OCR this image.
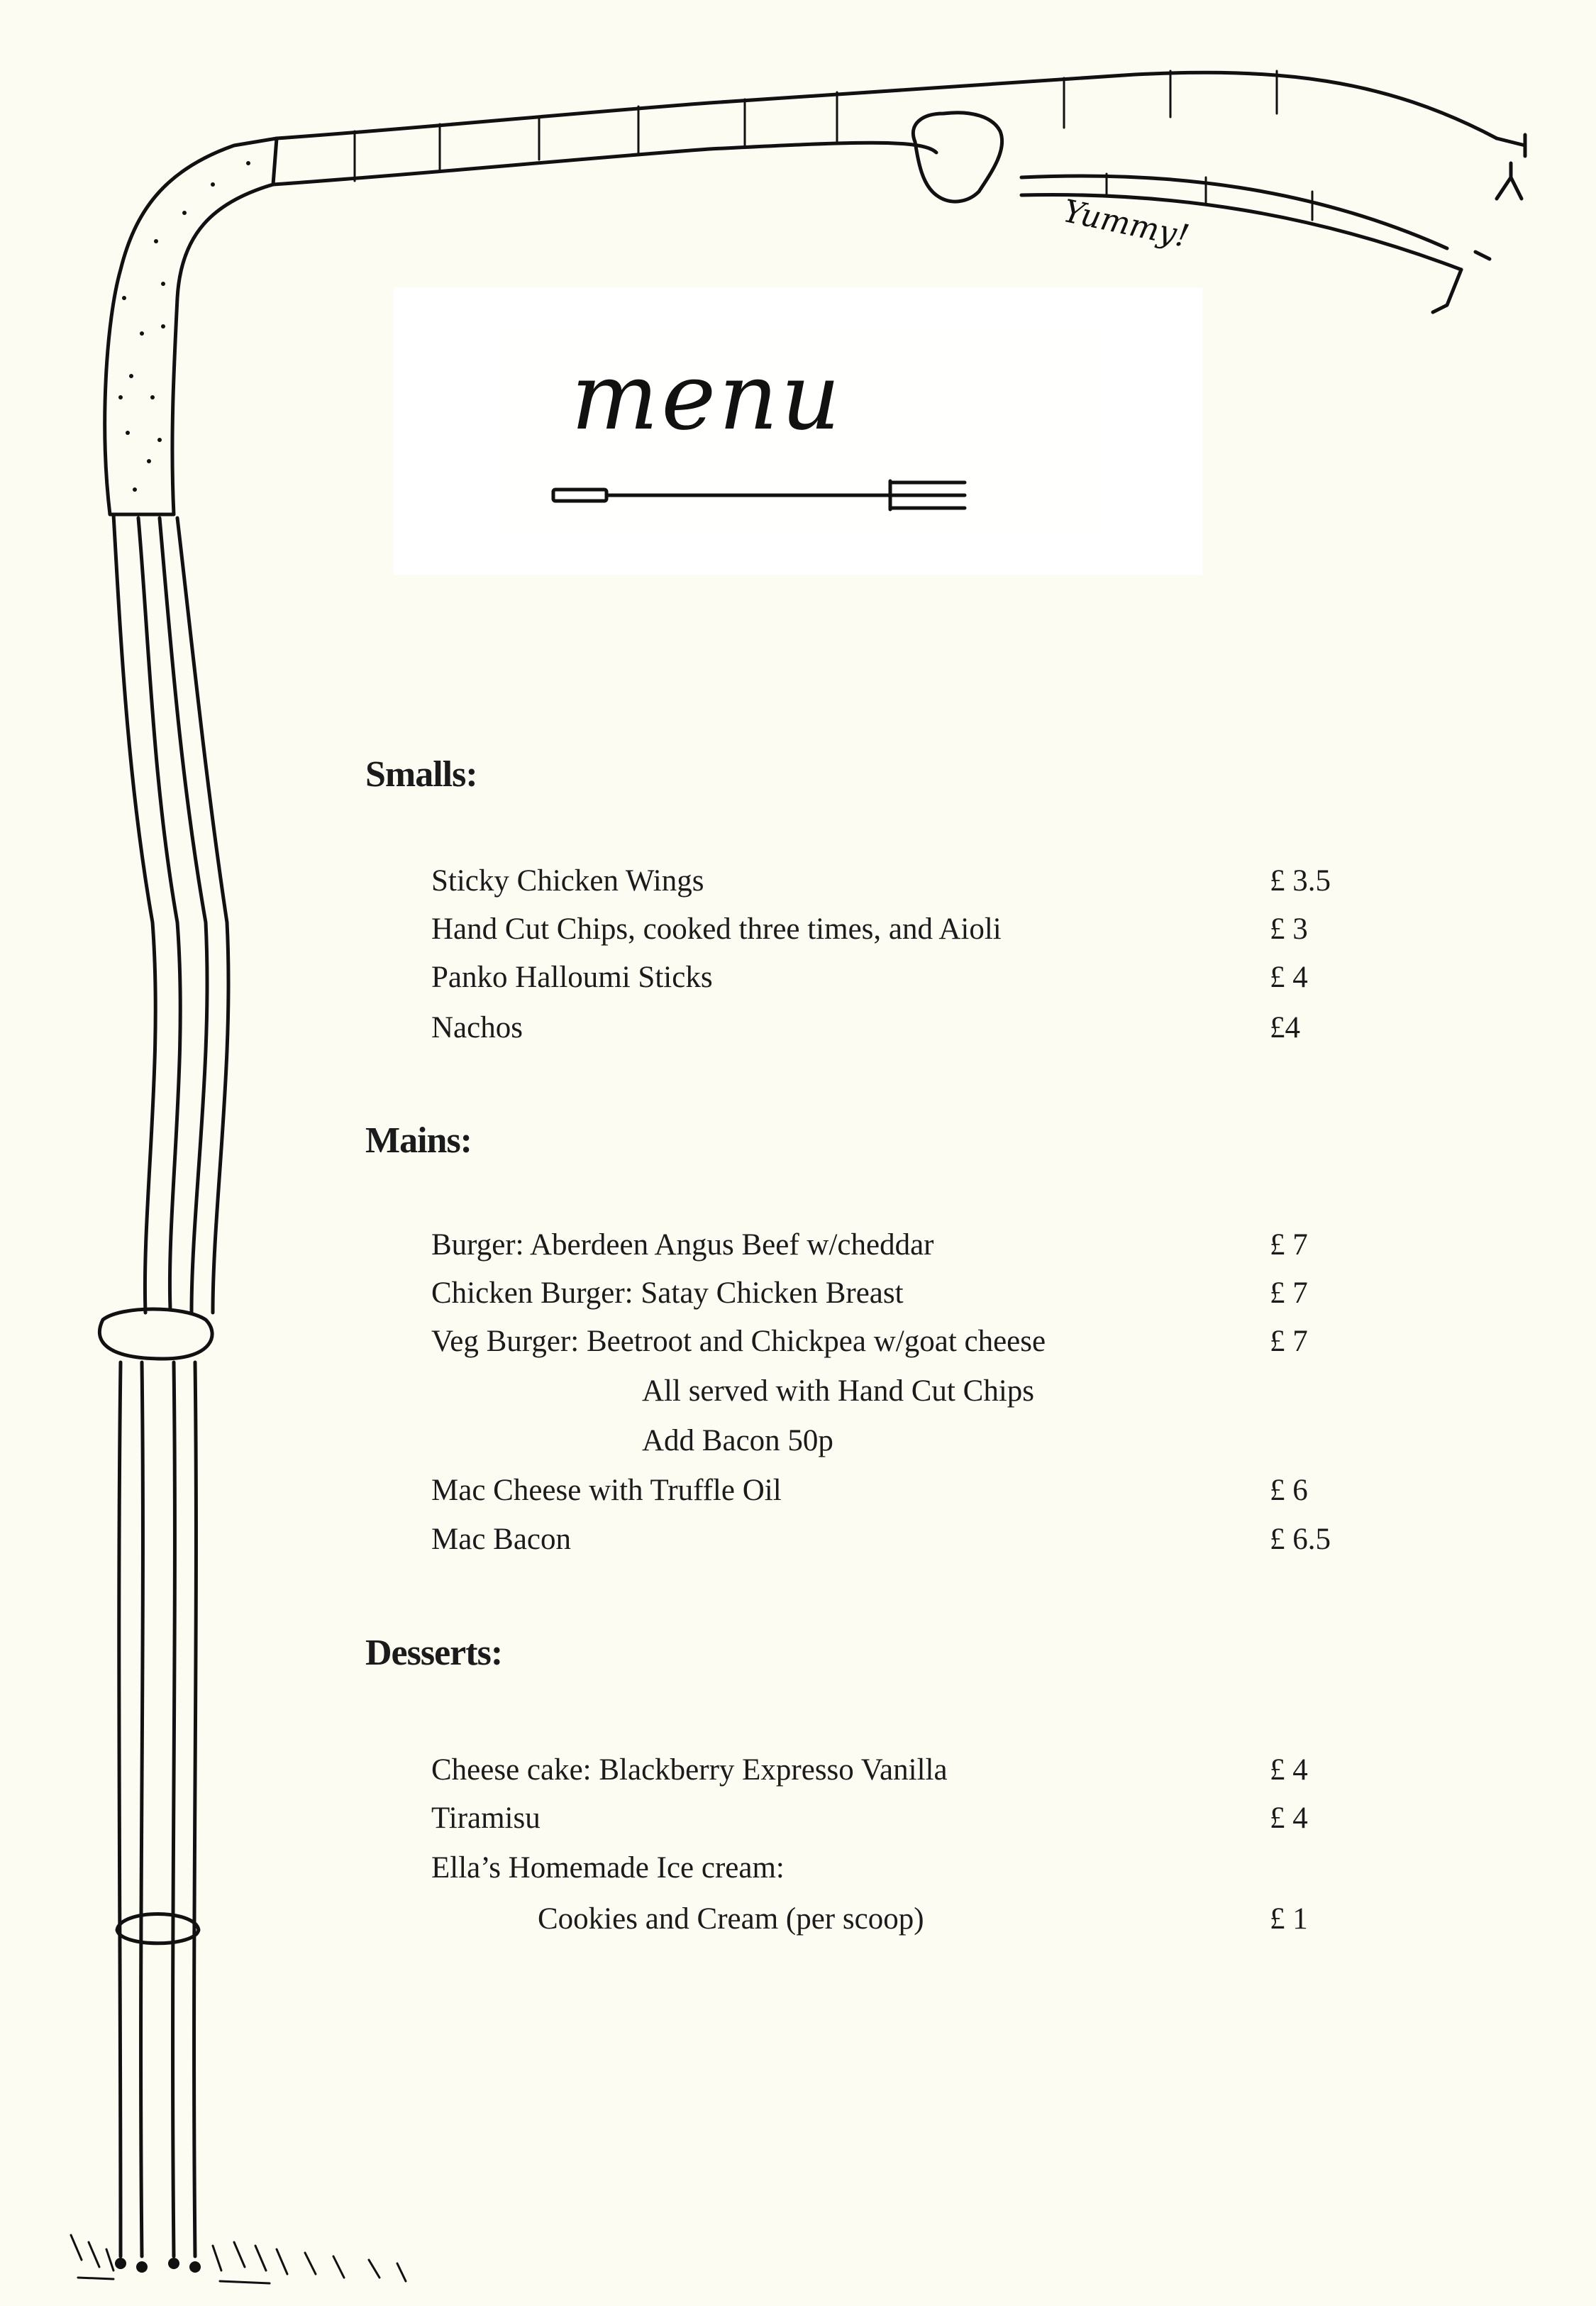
menu
Yummy!
Smalls:
Sticky Chicken Wings	£ 3.5
Hand Cut Chips, cooked three times, and Aioli	£ 3
Panko Halloumi Sticks	£ 4
Nachos	£4
Mains:
Burger: Aberdeen Angus Beef w/cheddar	£ 7
Chicken Burger: Satay Chicken Breast	£ 7
Veg Burger: Beetroot and Chickpea w/goat cheese	£ 7
All served with Hand Cut Chips
Add Bacon 50p
Mac Cheese with Truffle Oil	£ 6
Mac Bacon	£ 6.5
Desserts:
Cheese cake: Blackberry Expresso Vanilla	£ 4
Tiramisu	£ 4
Ella’s Homemade Ice cream:
Cookies and Cream (per scoop)	£ 1
